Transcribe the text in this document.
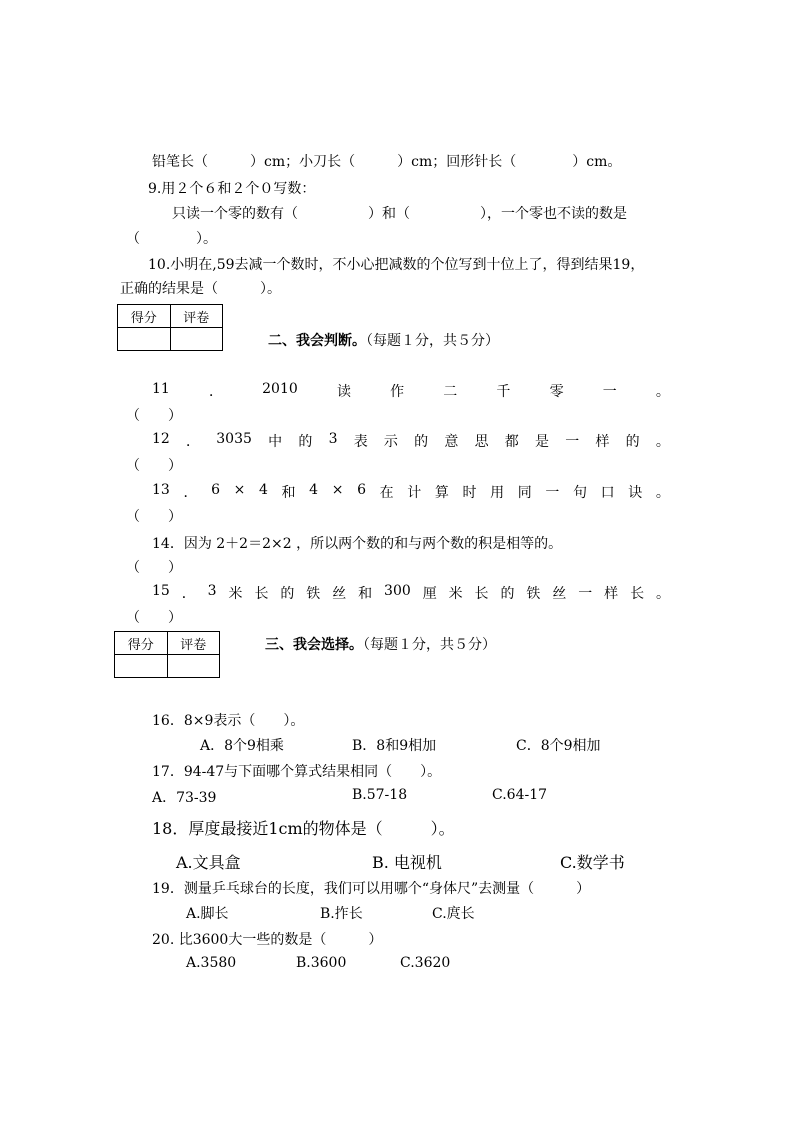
铅笔长（　　　）cm；小刀长（　　　）cm；回形针长（　　　　）cm。
9.用２个６和２个０写数：
只读一个零的数有（　　　　　）和（　　　　　），一个零也不读的数是
（　　　　）。
10.小明在,59去减一个数时，不小心把减数的个位写到十位上了，得到结果19，
正确的结果是（　　　）。
得分	评卷

二、我会判断。（每题１分，共５分）
11	．	2010	读	作	二	千	零	一	。
（　　）
12 ． 3035 中 的 3 表 示 的 意 思 都 是 一 样 的 。
（　　）
13 ． 6 × 4 和 4 × 6 在 计 算 时 用 同 一 句 口 诀 。
（　　）
14．因为 2＋2＝2×2 ，所以两个数的和与两个数的积是相等的。
（　　）
15 ． 3 米 长 的 铁 丝 和 300 厘 米 长 的 铁 丝 一 样 长 。
（　　）
得分	评卷
		三、我会选择。（每题１分，共５分）
16．8×9表示（　　）。
A．8个9相乘	B．8和9相加	C．8个9相加
17．94-47与下面哪个算式结果相同（　　）。
A．73-39	B.57-18	C.64-17
18．厚度最接近1cm的物体是（　　　）。
A.文具盒	B. 电视机	C.数学书
19．测量乒乓球台的长度，我们可以用哪个“身体尺”去测量（　　　）
A.脚长	B.拃长	C.庹长
20. 比3600大一些的数是（　　　）
A.3580	B.3600	C.3620
